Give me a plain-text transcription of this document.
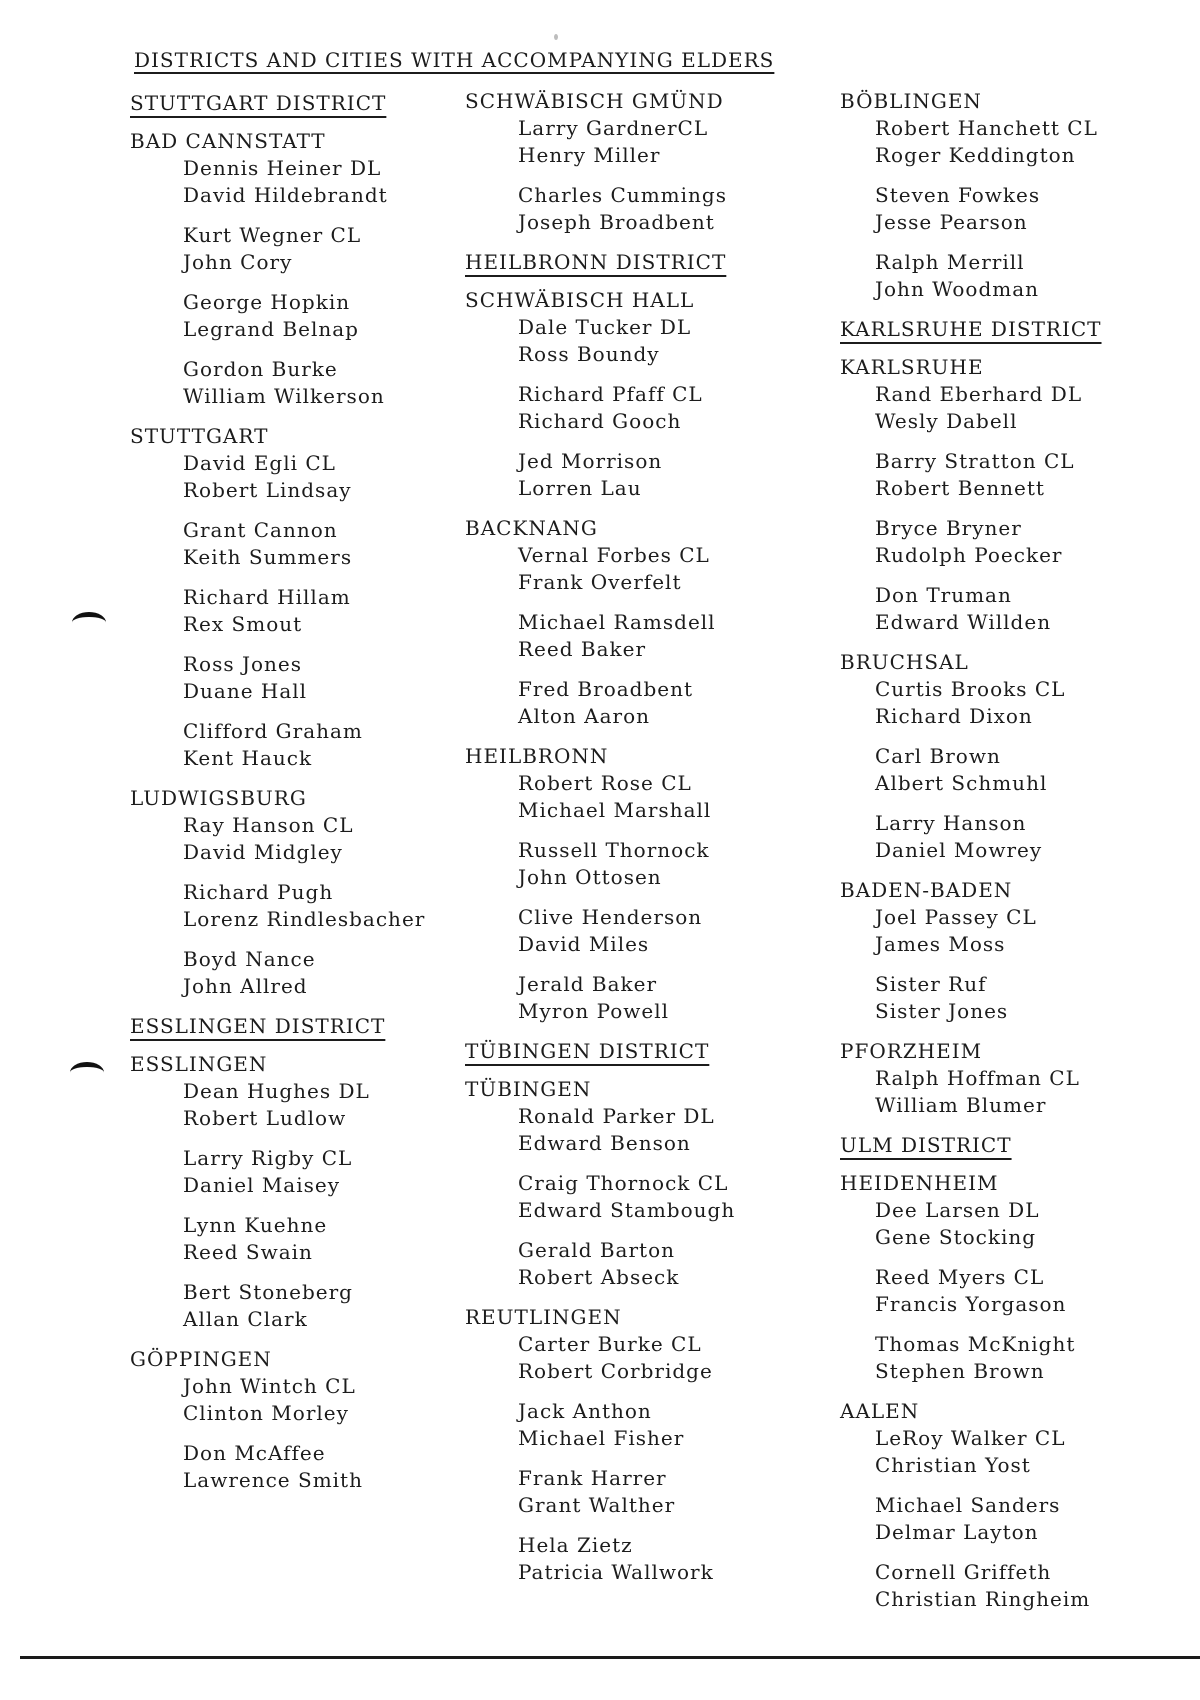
DISTRICTS AND CITIES WITH ACCOMPANYING ELDERS
STUTTGART DISTRICT
BAD CANNSTATT
Dennis Heiner DL
David Hildebrandt
Kurt Wegner CL
John Cory
George Hopkin
Legrand Belnap
Gordon Burke
William Wilkerson
STUTTGART
David Egli CL
Robert Lindsay
Grant Cannon
Keith Summers
Richard Hillam
Rex Smout
Ross Jones
Duane Hall
Clifford Graham
Kent Hauck
LUDWIGSBURG
Ray Hanson CL
David Midgley
Richard Pugh
Lorenz Rindlesbacher
Boyd Nance
John Allred
ESSLINGEN DISTRICT
ESSLINGEN
Dean Hughes DL
Robert Ludlow
Larry Rigby CL
Daniel Maisey
Lynn Kuehne
Reed Swain
Bert Stoneberg
Allan Clark
GÖPPINGEN
John Wintch CL
Clinton Morley
Don McAffee
Lawrence Smith
SCHWÄBISCH GMÜND
Larry GardnerCL
Henry Miller
Charles Cummings
Joseph Broadbent
HEILBRONN DISTRICT
SCHWÄBISCH HALL
Dale Tucker DL
Ross Boundy
Richard Pfaff CL
Richard Gooch
Jed Morrison
Lorren Lau
BACKNANG
Vernal Forbes CL
Frank Overfelt
Michael Ramsdell
Reed Baker
Fred Broadbent
Alton Aaron
HEILBRONN
Robert Rose CL
Michael Marshall
Russell Thornock
John Ottosen
Clive Henderson
David Miles
Jerald Baker
Myron Powell
TÜBINGEN DISTRICT
TÜBINGEN
Ronald Parker DL
Edward Benson
Craig Thornock CL
Edward Stambough
Gerald Barton
Robert Abseck
REUTLINGEN
Carter Burke CL
Robert Corbridge
Jack Anthon
Michael Fisher
Frank Harrer
Grant Walther
Hela Zietz
Patricia Wallwork
BÖBLINGEN
Robert Hanchett CL
Roger Keddington
Steven Fowkes
Jesse Pearson
Ralph Merrill
John Woodman
KARLSRUHE DISTRICT
KARLSRUHE
Rand Eberhard DL
Wesly Dabell
Barry Stratton CL
Robert Bennett
Bryce Bryner
Rudolph Poecker
Don Truman
Edward Willden
BRUCHSAL
Curtis Brooks CL
Richard Dixon
Carl Brown
Albert Schmuhl
Larry Hanson
Daniel Mowrey
BADEN-BADEN
Joel Passey CL
James Moss
Sister Ruf
Sister Jones
PFORZHEIM
Ralph Hoffman CL
William Blumer
ULM DISTRICT
HEIDENHEIM
Dee Larsen DL
Gene Stocking
Reed Myers CL
Francis Yorgason
Thomas McKnight
Stephen Brown
AALEN
LeRoy Walker CL
Christian Yost
Michael Sanders
Delmar Layton
Cornell Griffeth
Christian Ringheim
